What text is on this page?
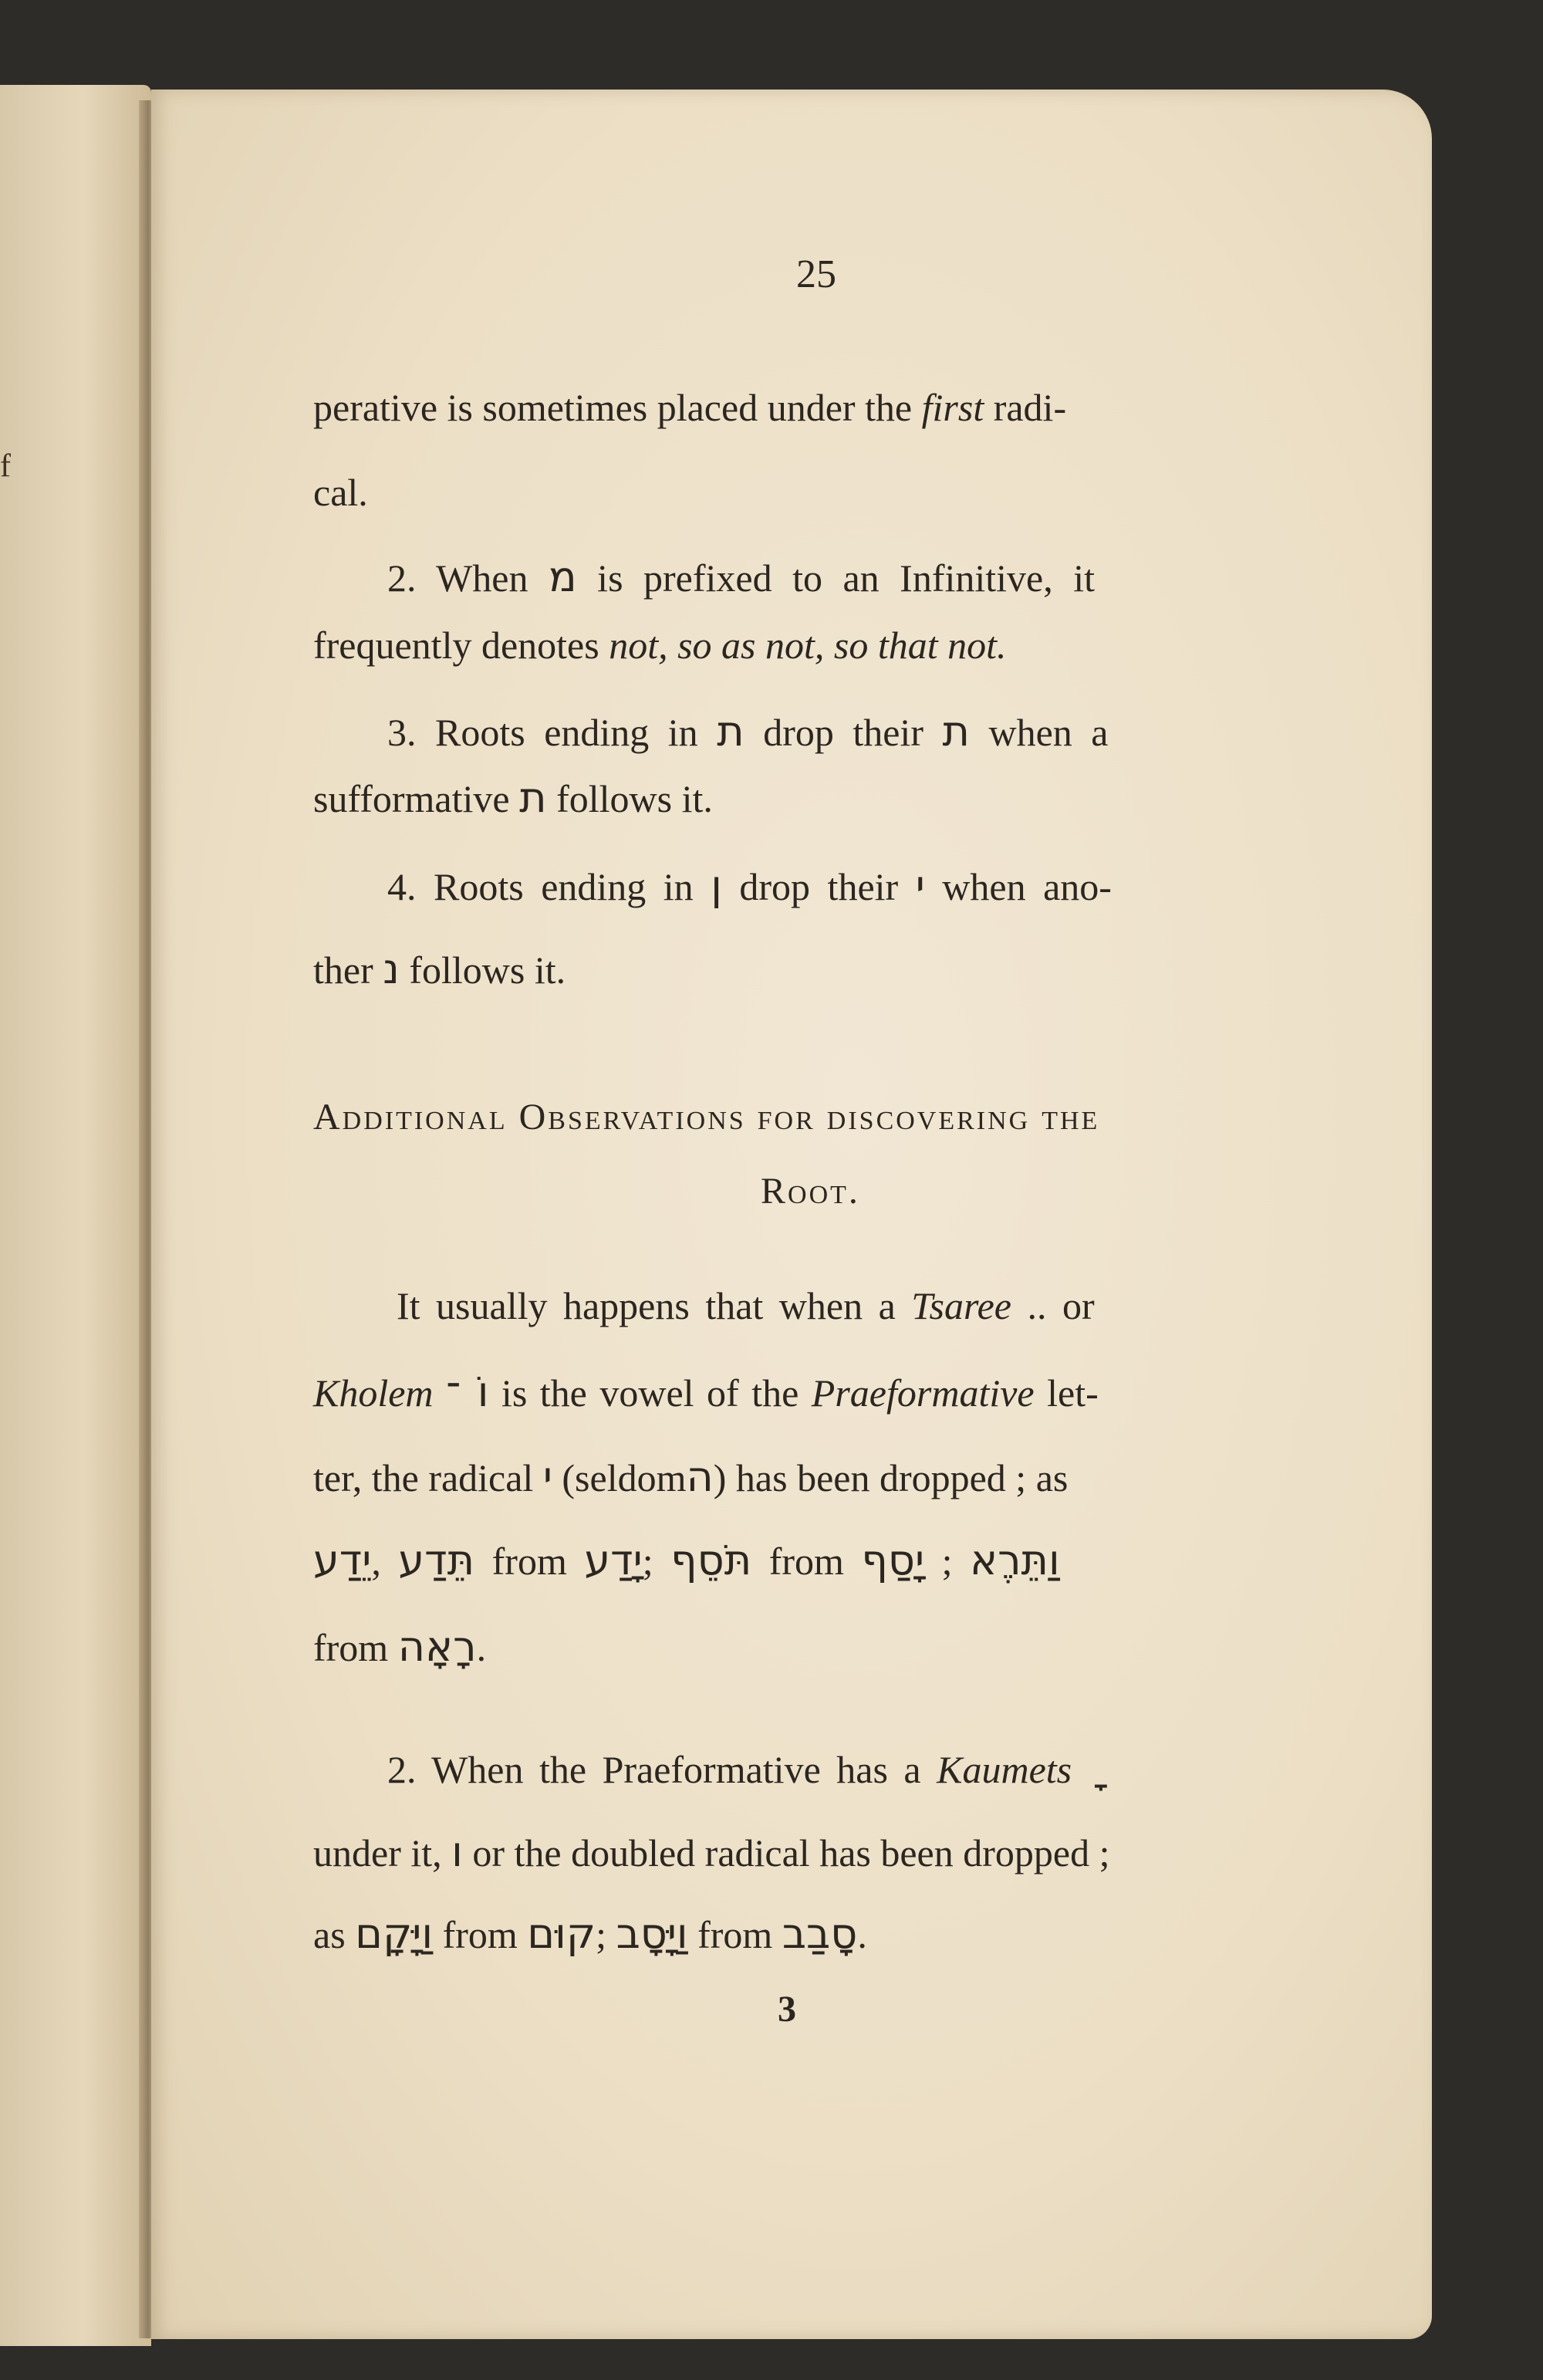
f
25
perative is sometimes placed under the first radi-
cal.
2. When מ is prefixed to an Infinitive, it
frequently denotes not, so as not, so that not.
3. Roots ending in ת drop their ת when a
sufformative ת follows it.
4. Roots ending in ן drop their י when ano-
ther נ follows it.
Additional Observations for discovering the
Root.
It usually happens that when a Tsaree .. or
Kholem וֹ ־ is the vowel of the Praeformative let-
ter, the radical י (seldomה) has been dropped ; as
יֵדַע, תֵּדַע from יָדַע; תֹּסֵף from יָסַף ; וַתֵּרֶא
from רָאָה.
2. When the Praeformative has a Kaumets
under it, ו or the doubled radical has been dropped ;
as וַיָּקָם from קוּם; וַיָּסָב from סָבַב.
3
